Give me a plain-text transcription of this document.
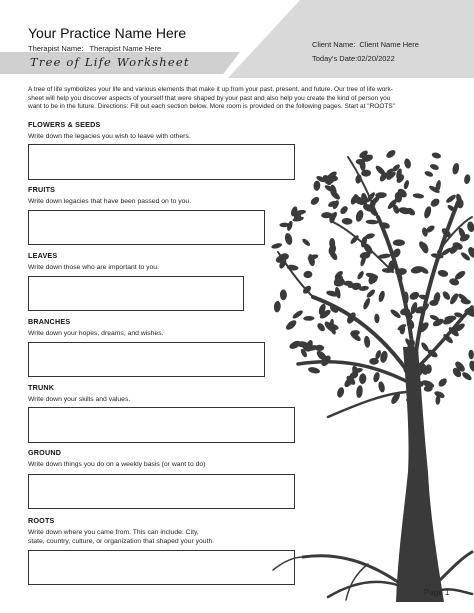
Your Practice Name Here
Therapist Name: Therapist Name Here
Tree of Life Worksheet
Client Name: Client Name Here
Today's Date:02/20/2022
A tree of life symbolizes your life and various elements that make it up from your past, present, and future. Our tree of life work-
sheet will help you discover aspects of yourself that were shaped by your past and also help you create the kind of person you
want to be in the future. Directions: Fill out each section below. More room is provided on the following pages. Start at "ROOTS"
FLOWERS & SEEDS
Write down the legacies you wish to leave with others.
FRUITS
Write down legacies that have been passed on to you.
LEAVES
Write down those who are important to you.
BRANCHES
Write down your hopes, dreams, and wishes.
TRUNK
Write down your skills and values.
GROUND
Write down things you do on a weekly basis (or want to do)
ROOTS
Write down where you came from. This can include: City,
state, country, culture, or organization that shaped your youth.
Page 1
